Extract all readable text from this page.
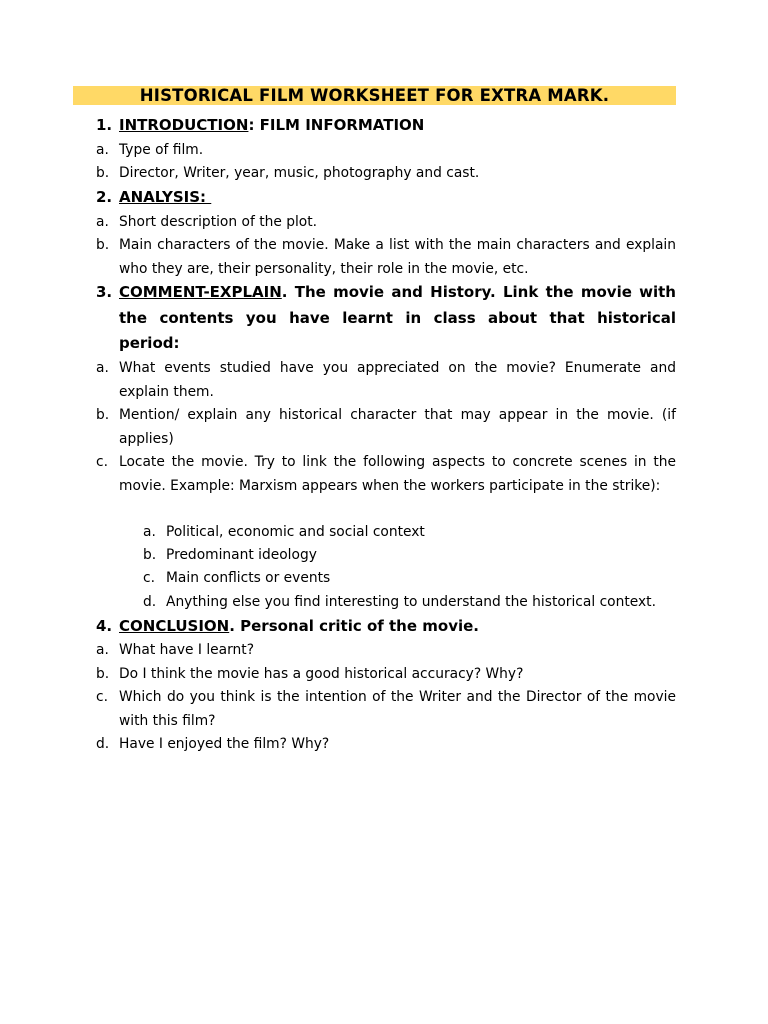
HISTORICAL FILM WORKSHEET FOR EXTRA MARK.
1. INTRODUCTION: FILM INFORMATION
a. Type of film.
b. Director, Writer, year, music, photography and cast.
2. ANALYSIS:
a. Short description of the plot.
b. Main characters of the movie. Make a list with the main characters and explain who they are, their personality, their role in the movie, etc.
3. COMMENT-EXPLAIN. The movie and History. Link the movie with the contents you have learnt in class about that historical period:
a. What events studied have you appreciated on the movie? Enumerate and explain them.
b. Mention/ explain any historical character that may appear in the movie. (if applies)
c. Locate the movie. Try to link the following aspects to concrete scenes in the movie. Example: Marxism appears when the workers participate in the strike):
a. Political, economic and social context
b. Predominant ideology
c. Main conflicts or events
d. Anything else you find interesting to understand the historical context.
4. CONCLUSION. Personal critic of the movie.
a. What have I learnt?
b. Do I think the movie has a good historical accuracy? Why?
c. Which do you think is the intention of the Writer and the Director of the movie with this film?
d. Have I enjoyed the film? Why?
